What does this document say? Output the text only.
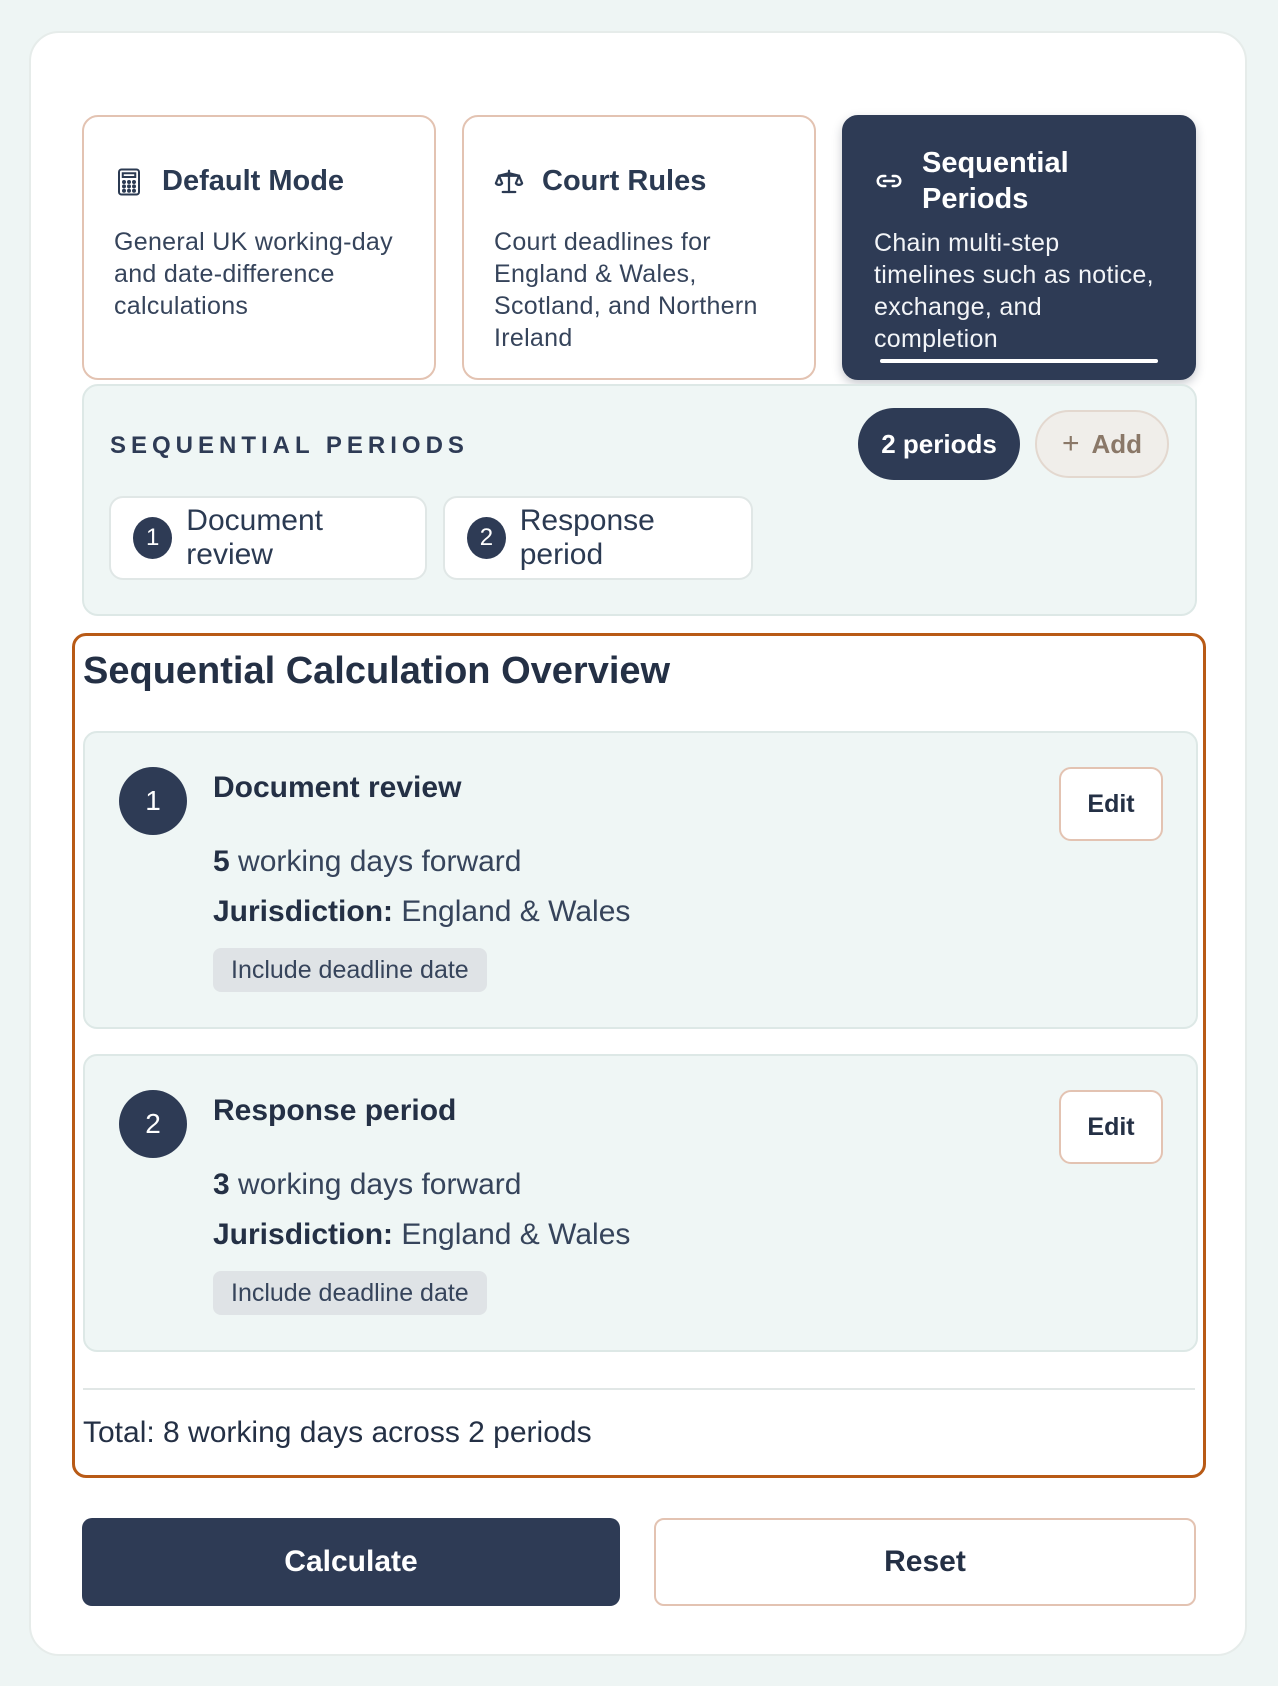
Default Mode
General UK working-day and date-difference calculations
Court Rules
Court deadlines for England & Wales, Scotland, and Northern Ireland
Sequential Periods
Chain multi-step timelines such as notice, exchange, and completion
SEQUENTIAL PERIODS	2 periods	+ Add
1
Document review
2
Response period
Sequential Calculation Overview
1	Document review
5 working days forward
Jurisdiction: England & Wales
Include deadline date
Edit
2	Response period
3 working days forward
Jurisdiction: England & Wales
Include deadline date
Edit
Total: 8 working days across 2 periods
Calculate	Reset
